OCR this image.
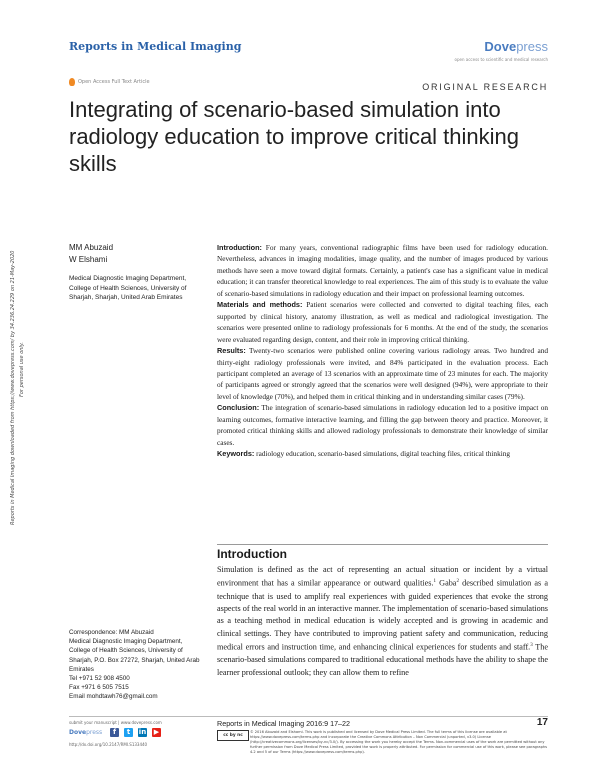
Reports in Medical Imaging	Dovepress
open access to scientific and medical research
Open Access Full Text Article	ORIGINAL RESEARCH
Integrating of scenario-based simulation into radiology education to improve critical thinking skills
Reports in Medical Imaging downloaded from https://www.dovepress.com/ by 34.236.24.229 on 21-May-2020 For personal use only.
MM Abuzaid
W Elshami
Medical Diagnostic Imaging Department, College of Health Sciences, University of Sharjah, Sharjah, United Arab Emirates

Introduction: For many years, conventional radiographic films have been used for radiology education. Nevertheless, advances in imaging modalities, image quality, and the number of images produced by various methods have seen a move toward digital formats. Certainly, a patient's case has a significant value in medical education; it can transfer theoretical knowledge to real experiences. The aim of this study is to evaluate the value of scenario-based simulations in radiology education and their impact on professional learning outcomes.

Materials and methods: Patient scenarios were collected and converted to digital teaching files, each supported by clinical history, anatomy illustration, as well as medical and radiological investigation. The scenarios were presented online to radiology professionals for 6 months. At the end of the study, the scenarios were evaluated regarding design, content, and their role in improving critical thinking.

Results: Twenty-two scenarios were published online covering various radiology areas. Two hundred and thirty-eight radiology professionals were invited, and 84% participated in the evaluation process. Each participant completed an average of 13 scenarios with an approximate time of 23 minutes for each. The majority of participants agreed or strongly agreed that the scenarios were well designed (94%), were appropriate to their level of knowledge (70%), and helped them in critical thinking and in understanding similar cases (79%).

Conclusion: The integration of scenario-based simulations in radiology education led to a positive impact on learning outcomes, formative interactive learning, and filling the gap between theory and practice. Moreover, it promoted critical thinking skills and allowed radiology professionals to demonstrate their knowledge of similar cases.

Keywords: radiology education, scenario-based simulations, digital teaching files, critical thinking

Introduction

Simulation is defined as the act of representing an actual situation or incident by a virtual environment that has a similar appearance or outward qualities.$^1$ Gaba$^2$ described simulation as a technique that is used to amplify real experiences with guided experiences that evoke the strong aspects of the real world in an interactive manner. The implementation of scenario-based simulations as a teaching method in medical education is widely accepted and is growing in academic and clinical settings. They have contributed to improving patient safety and communication, reducing medical errors and instruction time, and enhancing clinical experiences for students and staff.$^3$ The scenario-based simulations compared to traditional educational methods have the ability to shape the learner professional outlook; they can allow them to refine

Correspondence: MM Abuzaid
Medical Diagnostic Imaging Department, College of Health Sciences, University of Sharjah, P.O. Box 27272, Sharjah, United Arab Emirates
Tel +971 52 908 4500
Fax +971 6 505 7515
Email mohdtawh76@gmail.com
submit your manuscript | www.dovepress.com
Dovepress	f	t	in ▶
http://dx.doi.org/10.2147/RMI.S133440
Reports in Medical Imaging 2016:9 17–22	17
cc by nc
© 2016 Abuzaid and Elshami. This work is published and licensed by Dove Medical Press Limited. The full terms of this license are available at https://www.dovepress.com/terms.php and incorporate the Creative Commons Attribution – Non Commercial (unported, v3.0) License (http://creativecommons.org/licenses/by-nc/3.0/). By accessing the work you hereby accept the Terms. Non-commercial uses of the work are permitted without any further permission from Dove Medical Press Limited, provided the work is properly attributed. For permission for commercial use of this work, please see paragraphs 4.2 and 5 of our Terms (https://www.dovepress.com/terms.php).
